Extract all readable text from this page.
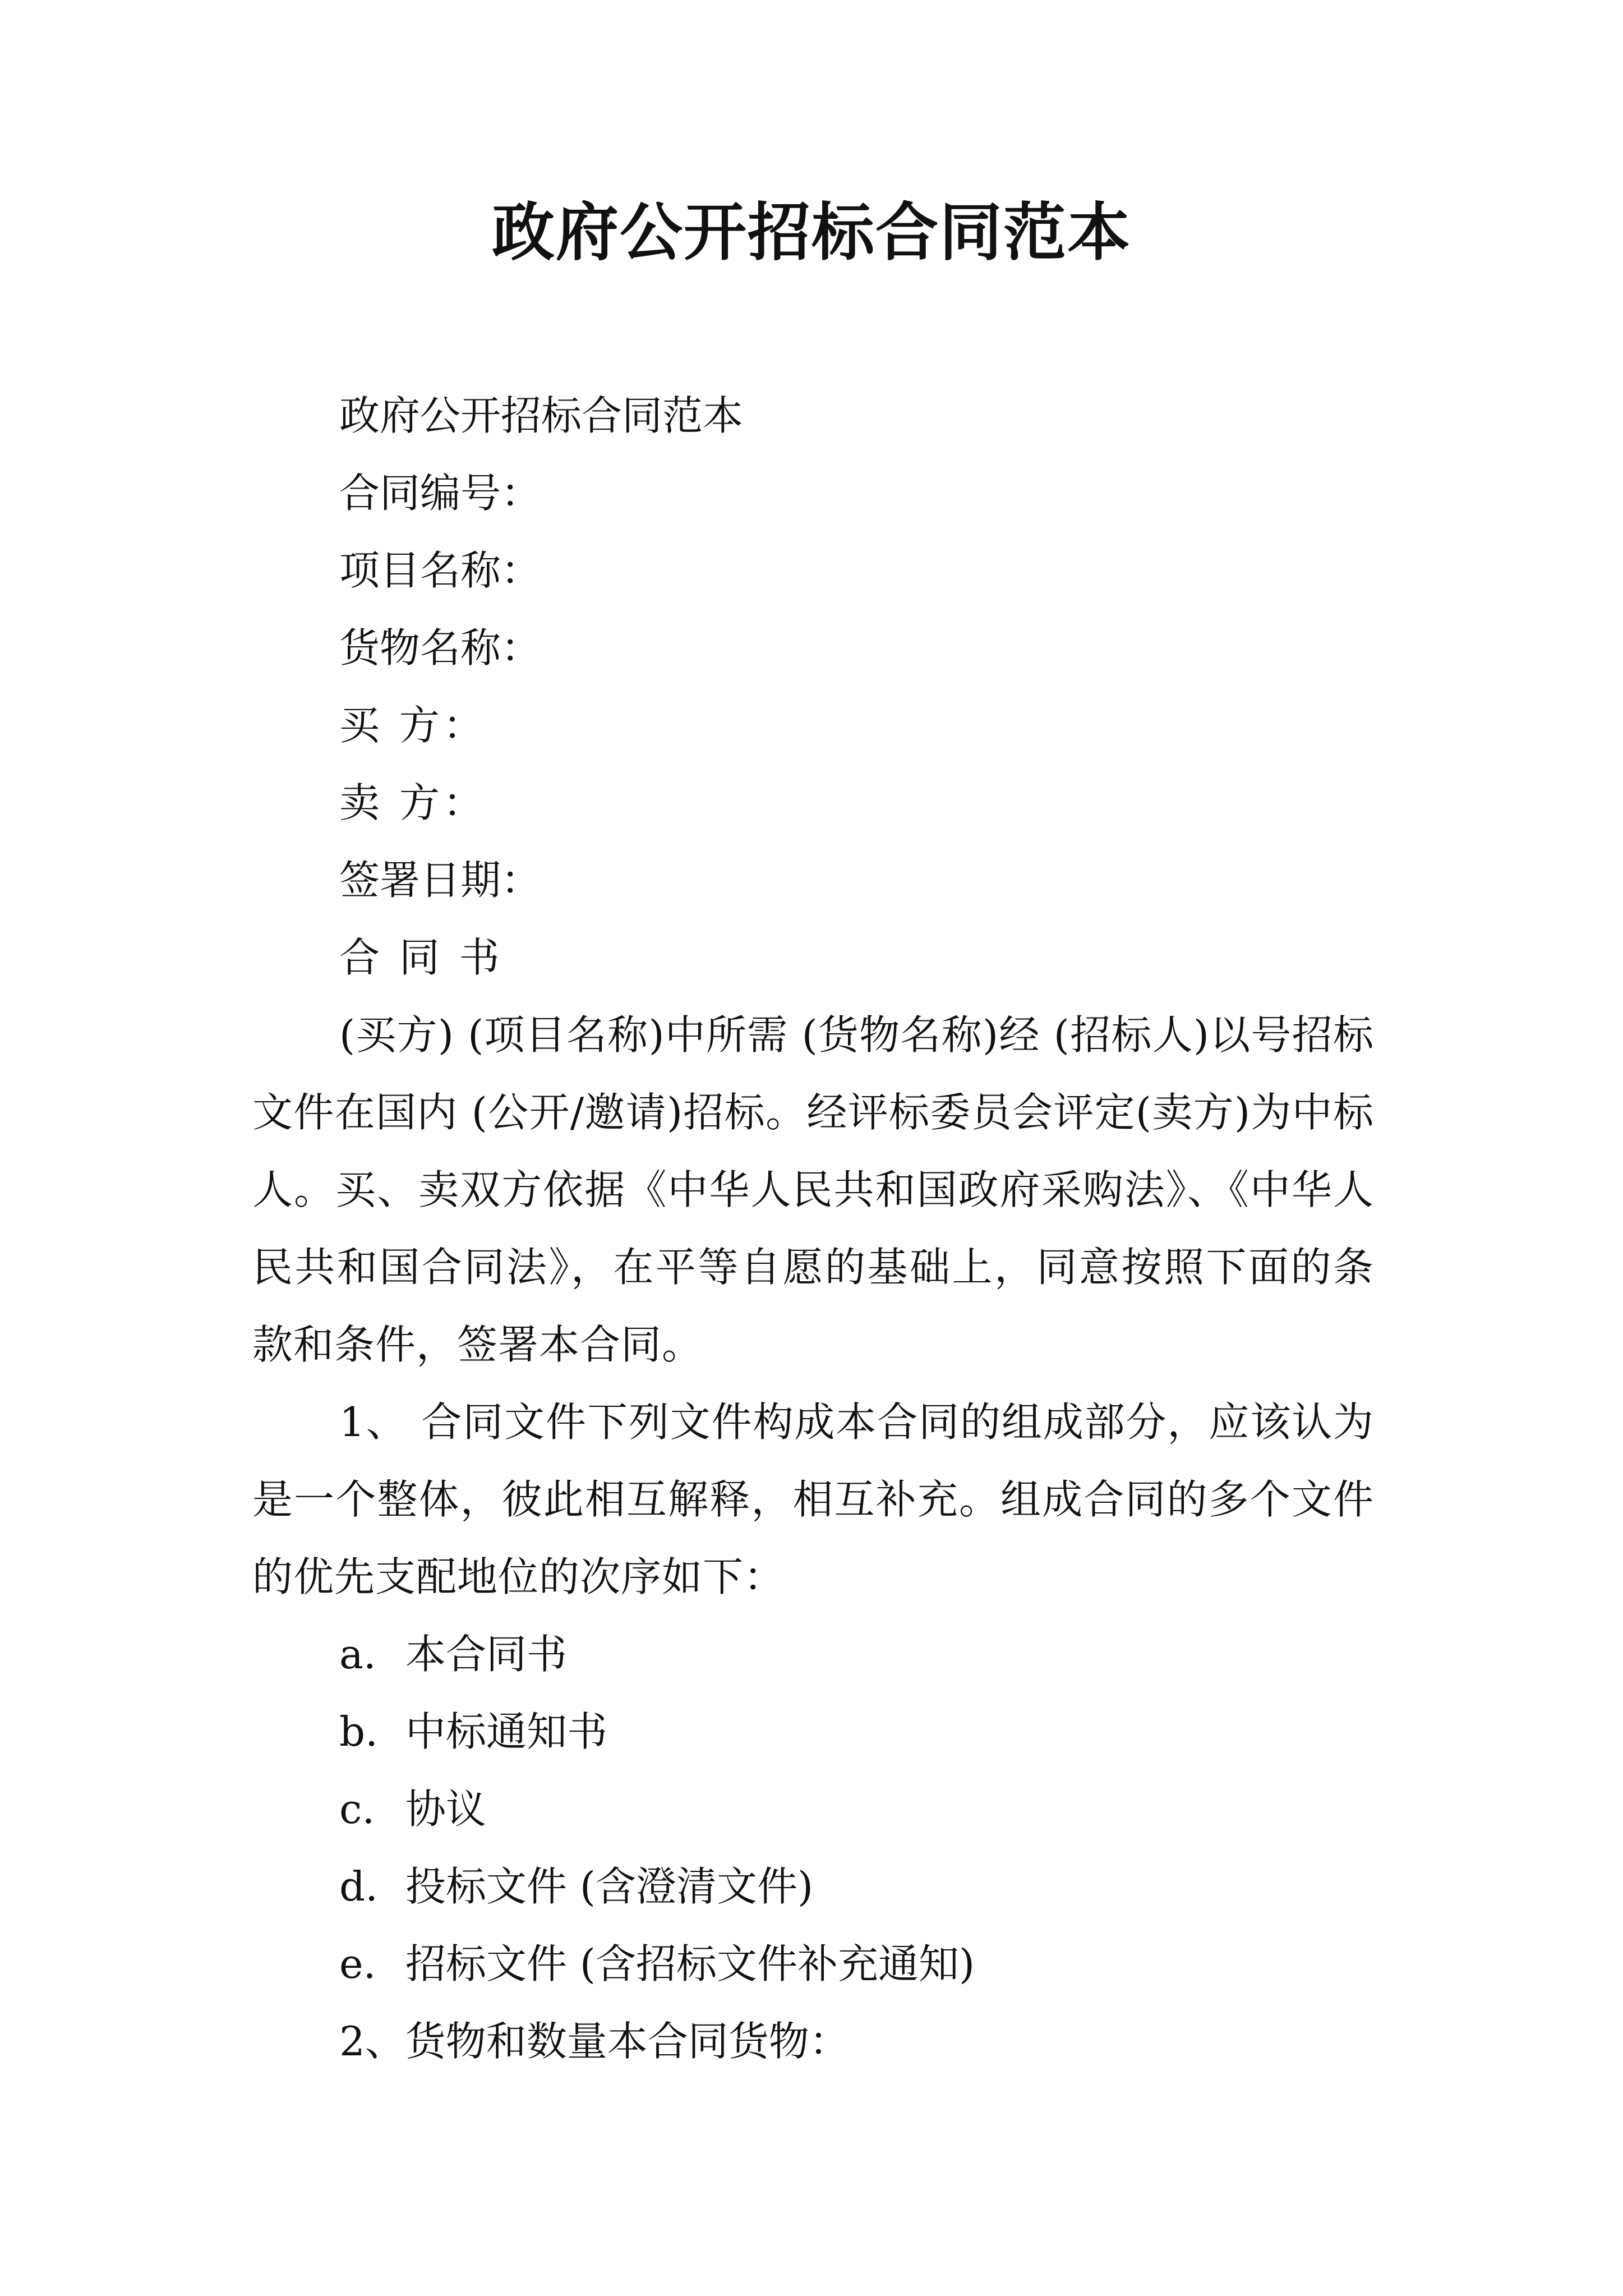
政府公开招标合同范本
政府公开招标合同范本
合同编号：
项目名称：
货物名称：
买 方：
卖 方：
签署日期：
合 同 书

(买方) (项目名称)中所需 (货物名称)经 (招标人)以号招标文件在国内 (公开/邀请)招标。经评标委员会评定(卖方)为中标人。买、卖双方依据《中华人民共和国政府采购法》、《中华人民共和国合同法》，在平等自愿的基础上，同意按照下面的条款和条件，签署本合同。

1、 合同文件下列文件构成本合同的组成部分，应该认为是一个整体，彼此相互解释，相互补充。组成合同的多个文件的优先支配地位的次序如下：

a. 本合同书
b. 中标通知书
c. 协议
d. 投标文件 (含澄清文件)
e. 招标文件 (含招标文件补充通知)
2、货物和数量本合同货物：
